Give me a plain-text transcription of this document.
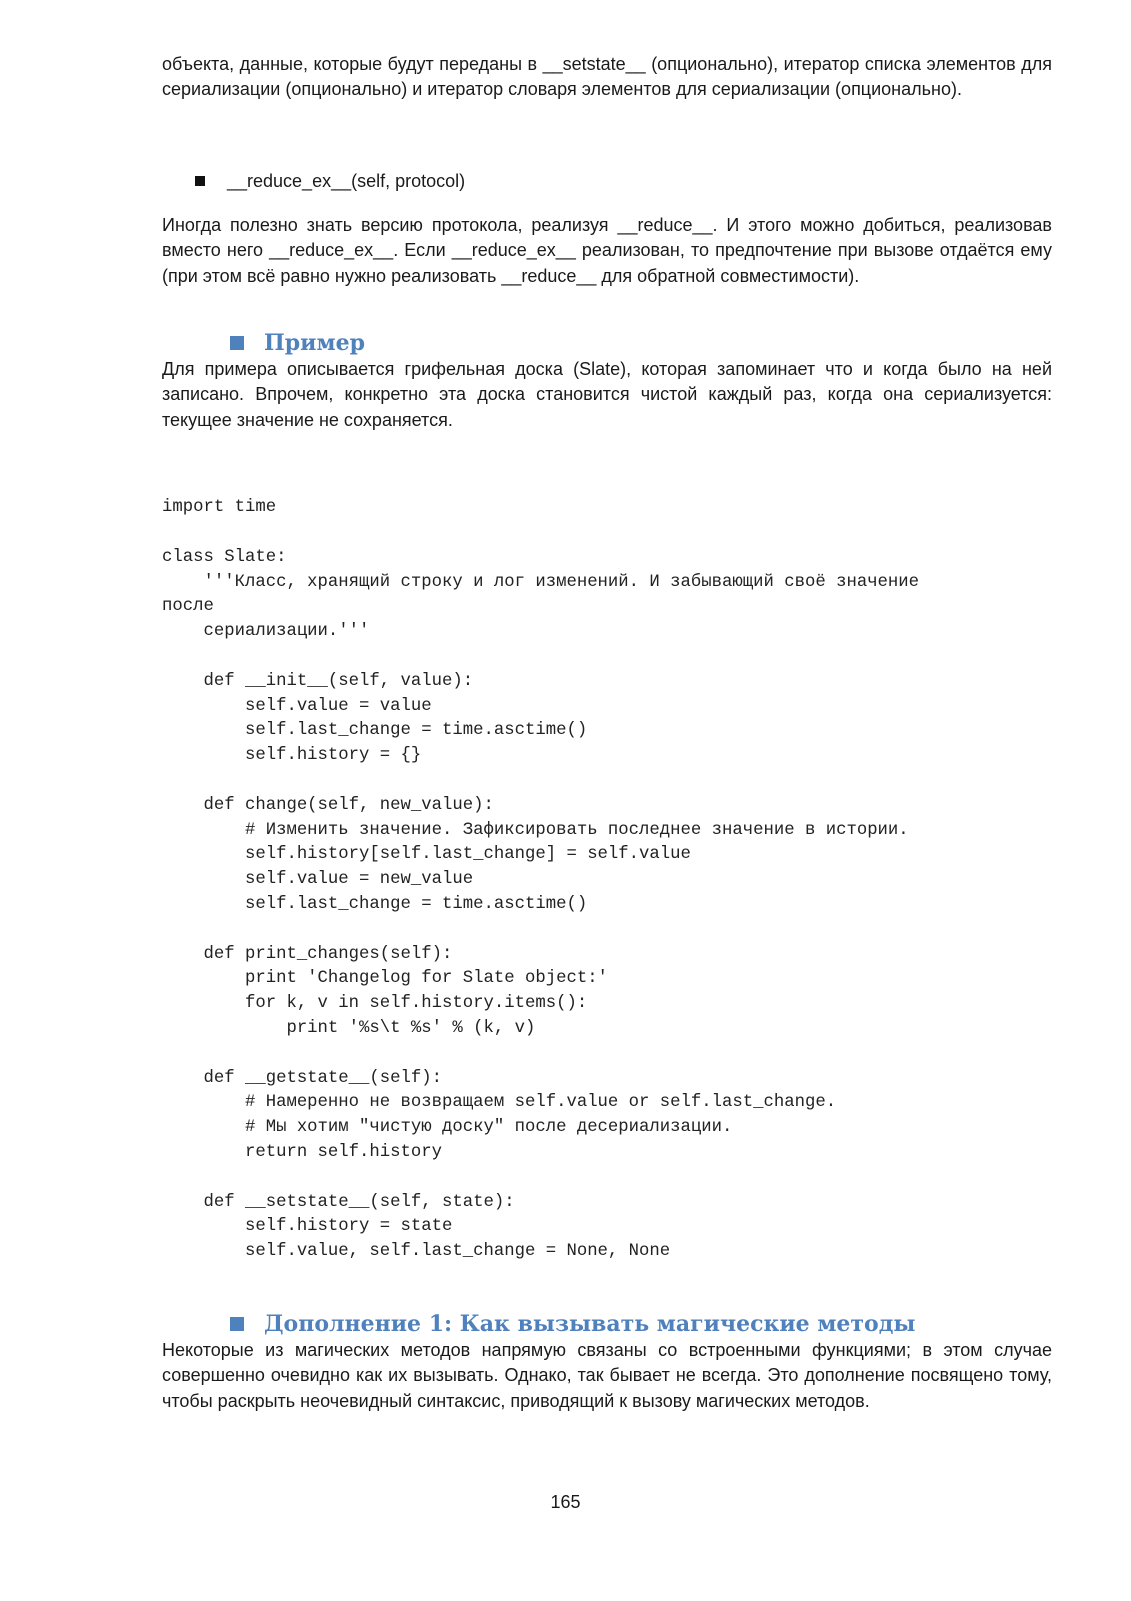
объекта, данные, которые будут переданы в __setstate__ (опционально), итератор списка элементов для сериализации (опционально) и итератор словаря элементов для сериализации (опционально).

__reduce_ex__(self, protocol)

Иногда полезно знать версию протокола, реализуя __reduce__. И этого можно добиться, реализовав вместо него __reduce_ex__. Если __reduce_ex__ реализован, то предпочтение при вызове отдаётся ему (при этом всё равно нужно реализовать __reduce__ для обратной совместимости).

Пример

Для примера описывается грифельная доска (Slate), которая запоминает что и когда было на ней записано. Впрочем, конкретно эта доска становится чистой каждый раз, когда она сериализуется: текущее значение не сохраняется.

import time

class Slate:
'''Класс, хранящий строку и лог изменений. И забывающий своё значение
после
сериализации.'''

def __init__(self, value):
self.value = value
self.last_change = time.asctime()
self.history = {}

def change(self, new_value):
# Изменить значение. Зафиксировать последнее значение в истории.
self.history[self.last_change] = self.value
self.value = new_value
self.last_change = time.asctime()

def print_changes(self):
print 'Changelog for Slate object:'
for k, v in self.history.items():
print '%s\t %s' % (k, v)

def __getstate__(self):
# Намеренно не возвращаем self.value or self.last_change.
# Мы хотим "чистую доску" после десериализации.
return self.history

def __setstate__(self, state):
self.history = state
self.value, self.last_change = None, None
Дополнение 1: Как вызывать магические методы

Некоторые из магических методов напрямую связаны со встроенными функциями; в этом случае совершенно очевидно как их вызывать. Однако, так бывает не всегда. Это дополнение посвящено тому, чтобы раскрыть неочевидный синтаксис, приводящий к вызову магических методов.

165
